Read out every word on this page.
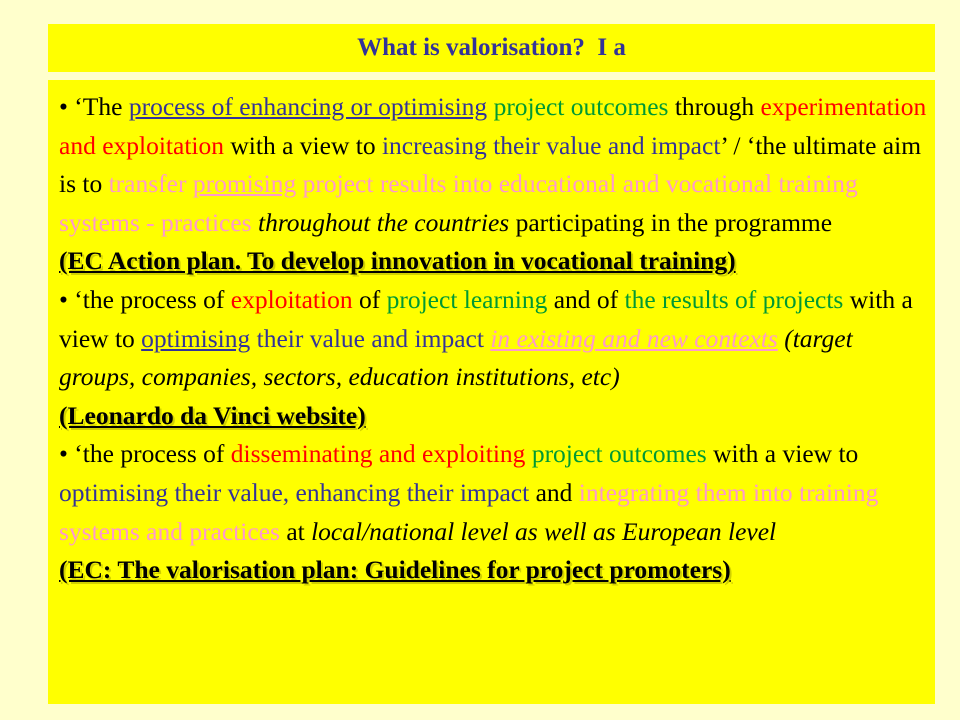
What is valorisation?  I a

• ‘The process of enhancing or optimising project outcomes through experimentation and exploitation with a view to increasing their value and impact’ / ‘the ultimate aim is to transfer promising project results into educational and vocational training systems - practices throughout the countries participating in the programme

(EC Action plan. To develop innovation in vocational training)

• ‘the process of exploitation of project learning and of the results of projects with a view to optimising their value and impact in existing and new contexts (target groups, companies, sectors, education institutions, etc)

(Leonardo da Vinci website)

• ‘the process of disseminating and exploiting project outcomes with a view to optimising their value, enhancing their impact and integrating them into training systems and practices at local/national level as well as European level

(EC: The valorisation plan: Guidelines for project promoters)
